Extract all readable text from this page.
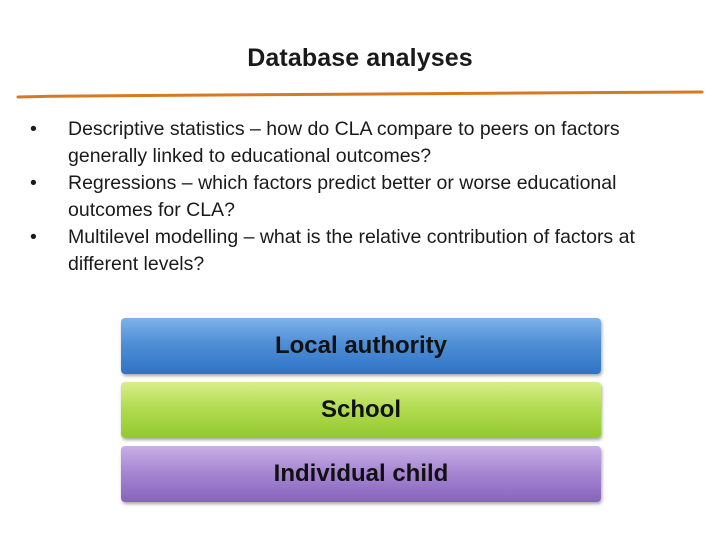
Database analyses
• Descriptive statistics – how do CLA compare to peers on factors generally linked to educational outcomes?
• Regressions – which factors predict better or worse educational outcomes for CLA?
• Multilevel modelling – what is the relative contribution of factors at different levels?
Local authority
School
Individual child
